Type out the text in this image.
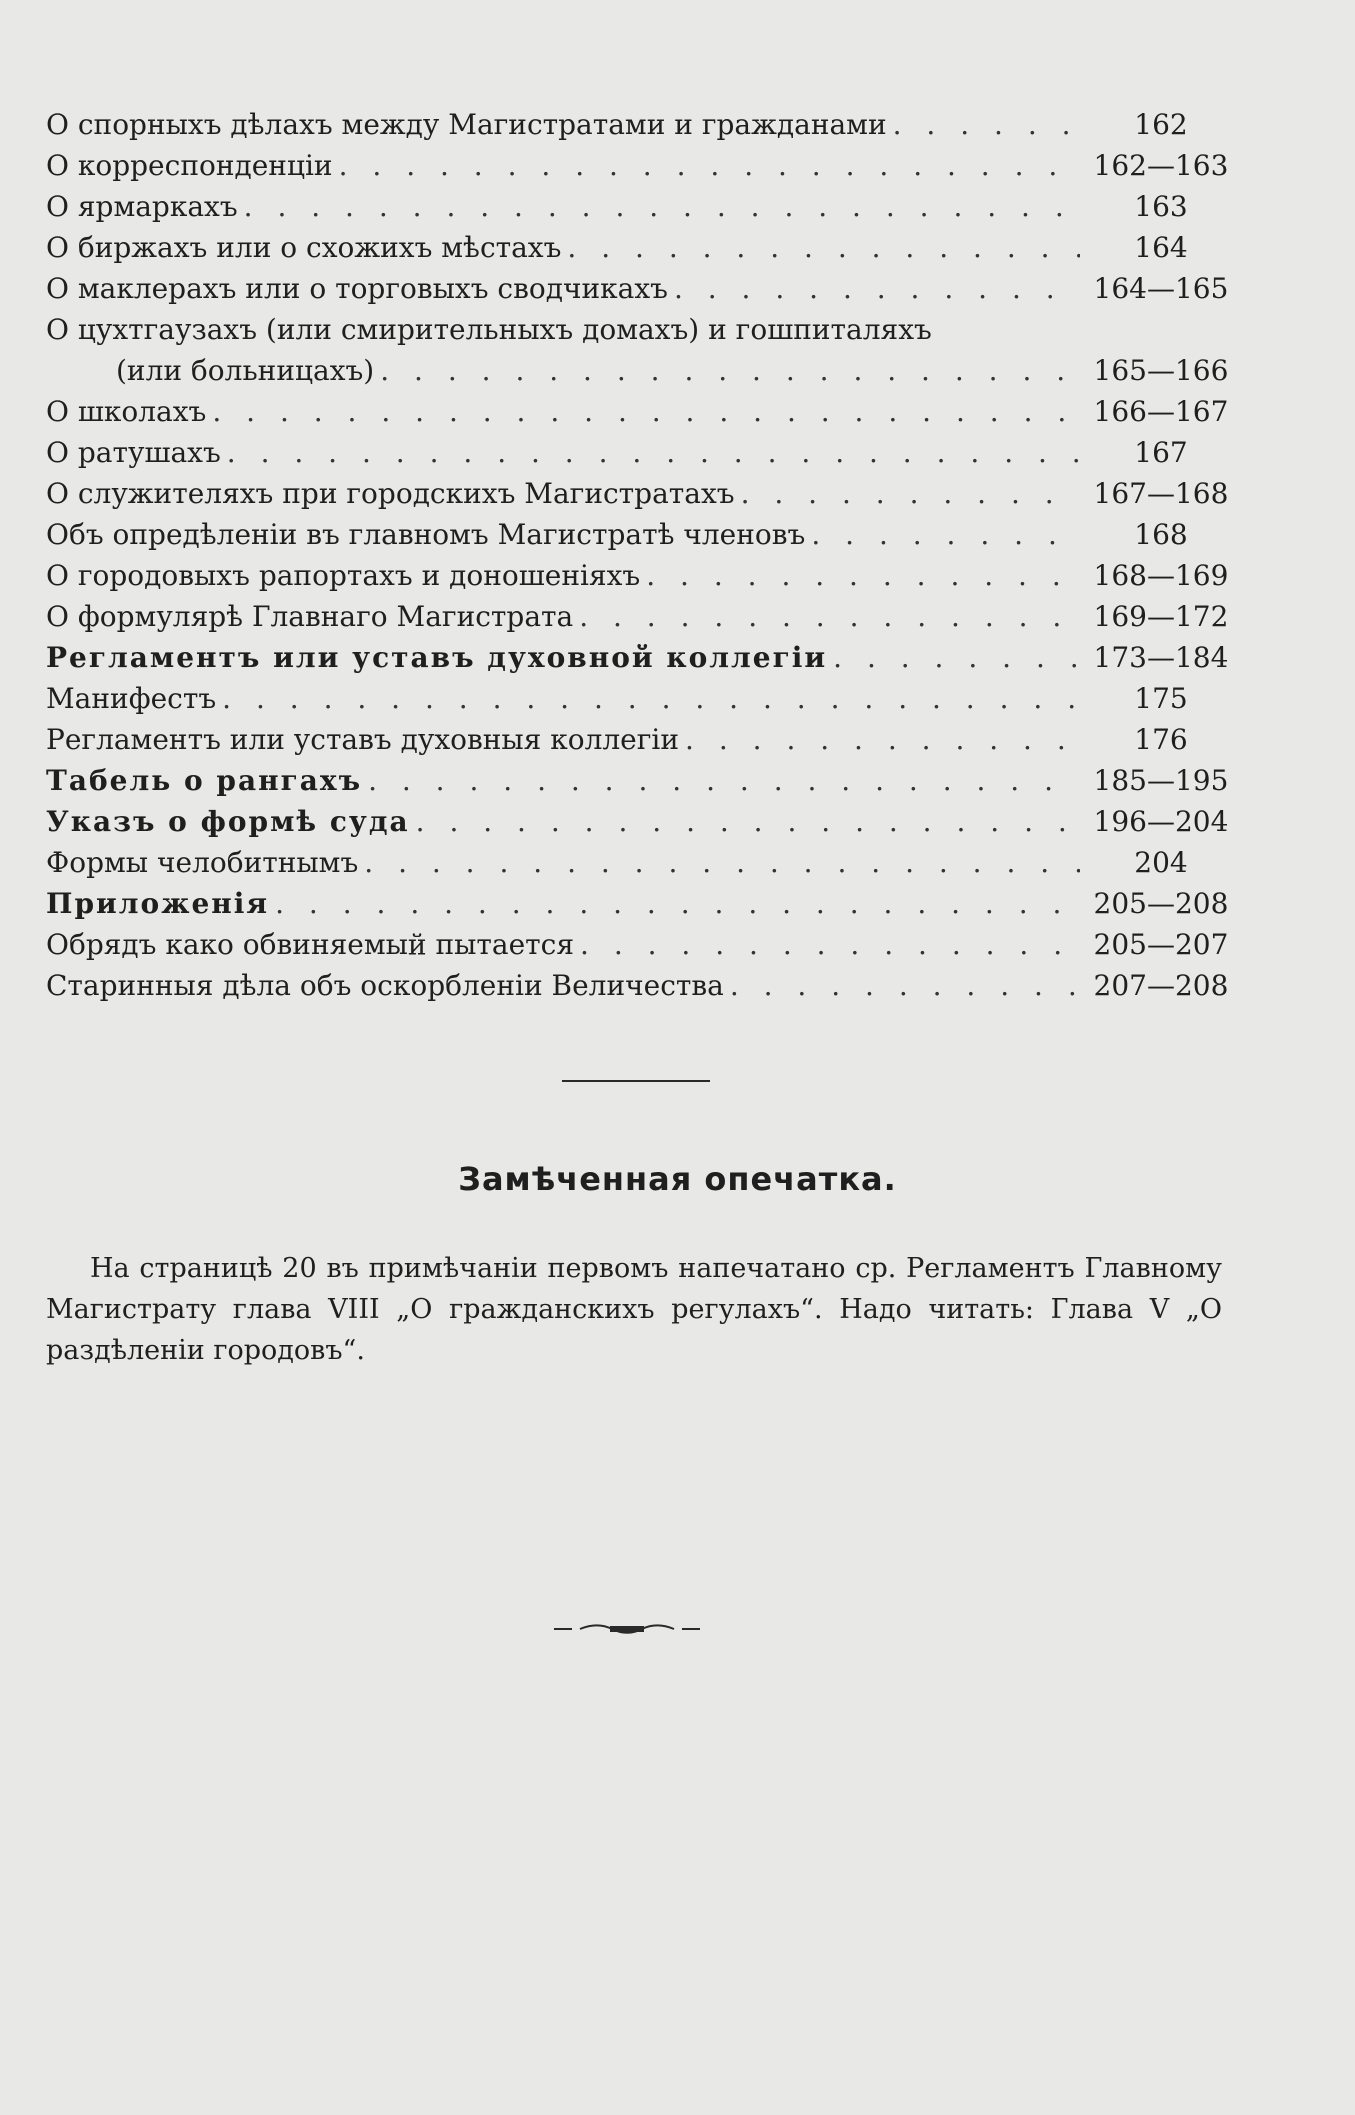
О спорныхъ дѣлахъ между Магистратами и гражданами . . .	162
О корреспонденціи . . .	162—163
О ярмаркахъ . . .	163
О биржахъ или о схожихъ мѣстахъ . . .	164
О маклерахъ или о торговыхъ сводчикахъ . . .	164—165
О цухтгаузахъ (или смирительныхъ домахъ) и гошпиталяхъ
(или больницахъ) . . .	165—166
О школахъ . . .	166—167
О ратушахъ . . .	167
О служителяхъ при городскихъ Магистратахъ . . .	167—168
Объ опредѣленіи въ главномъ Магистратѣ членовъ . . .	168
О городовыхъ рапортахъ и доношеніяхъ . . .	168—169
О формулярѣ Главнаго Магистрата . . .	169—172
Регламентъ или уставъ духовной коллегіи . . .	173—184
Манифестъ . . .	175
Регламентъ или уставъ духовныя коллегіи . . .	176
Табель о рангахъ . . .	185—195
Указъ о формѣ суда . . .	196—204
Формы челобитнымъ . . .	204
Приложенія . . .	205—208
Обрядъ како обвиняемый пытается . . .	205—207
Старинныя дѣла объ оскорбленіи Величества . . .	207—208
Замѣченная опечатка.

На страницѣ 20 въ примѣчаніи первомъ напечатано ср. Регламентъ Главному Магистрату глава VIII „О гражданскихъ регулахъ“. Надо читать: Глава V „О раздѣленіи городовъ“.
